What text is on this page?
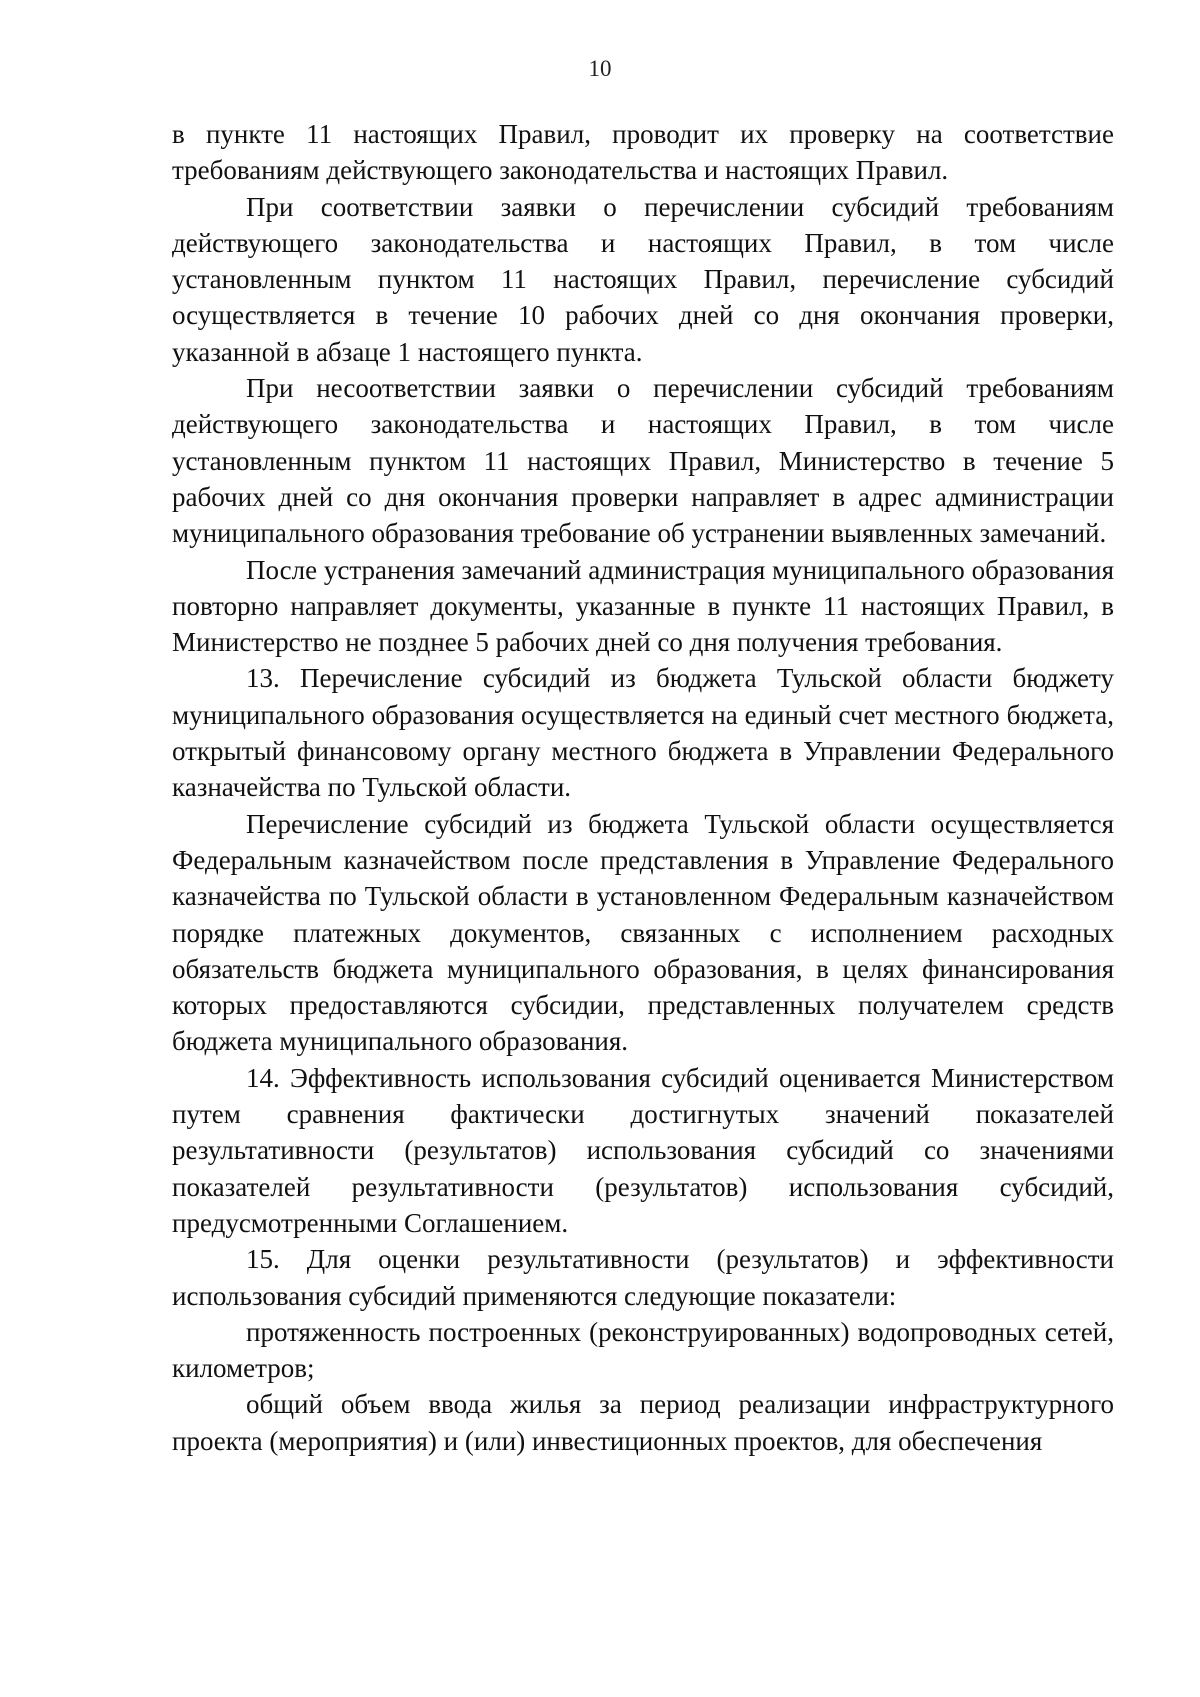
10

в пункте 11 настоящих Правил, проводит их проверку на соответствие требованиям действующего законодательства и настоящих Правил.

При соответствии заявки о перечислении субсидий требованиям действующего законодательства и настоящих Правил, в том числе установленным пунктом 11 настоящих Правил, перечисление субсидий осуществляется в течение 10 рабочих дней со дня окончания проверки, указанной в абзаце 1 настоящего пункта.

При несоответствии заявки о перечислении субсидий требованиям действующего законодательства и настоящих Правил, в том числе установленным пунктом 11 настоящих Правил, Министерство в течение 5 рабочих дней со дня окончания проверки направляет в адрес администрации муниципального образования требование об устранении выявленных замечаний.

После устранения замечаний администрация муниципального образования повторно направляет документы, указанные в пункте 11 настоящих Правил, в Министерство не позднее 5 рабочих дней со дня получения требования.

13. Перечисление субсидий из бюджета Тульской области бюджету муниципального образования осуществляется на единый счет местного бюджета, открытый финансовому органу местного бюджета в Управлении Федерального казначейства по Тульской области.

Перечисление субсидий из бюджета Тульской области осуществляется Федеральным казначейством после представления в Управление Федерального казначейства по Тульской области в установленном Федеральным казначейством порядке платежных документов, связанных с исполнением расходных обязательств бюджета муниципального образования, в целях финансирования которых предоставляются субсидии, представленных получателем средств бюджета муниципального образования.

14. Эффективность использования субсидий оценивается Министерством путем сравнения фактически достигнутых значений показателей результативности (результатов) использования субсидий со значениями показателей результативности (результатов) использования субсидий, предусмотренными Соглашением.

15. Для оценки результативности (результатов) и эффективности использования субсидий применяются следующие показатели:

протяженность построенных (реконструированных) водопроводных сетей, километров;

общий объем ввода жилья за период реализации инфраструктурного проекта (мероприятия) и (или) инвестиционных проектов, для обеспечения
